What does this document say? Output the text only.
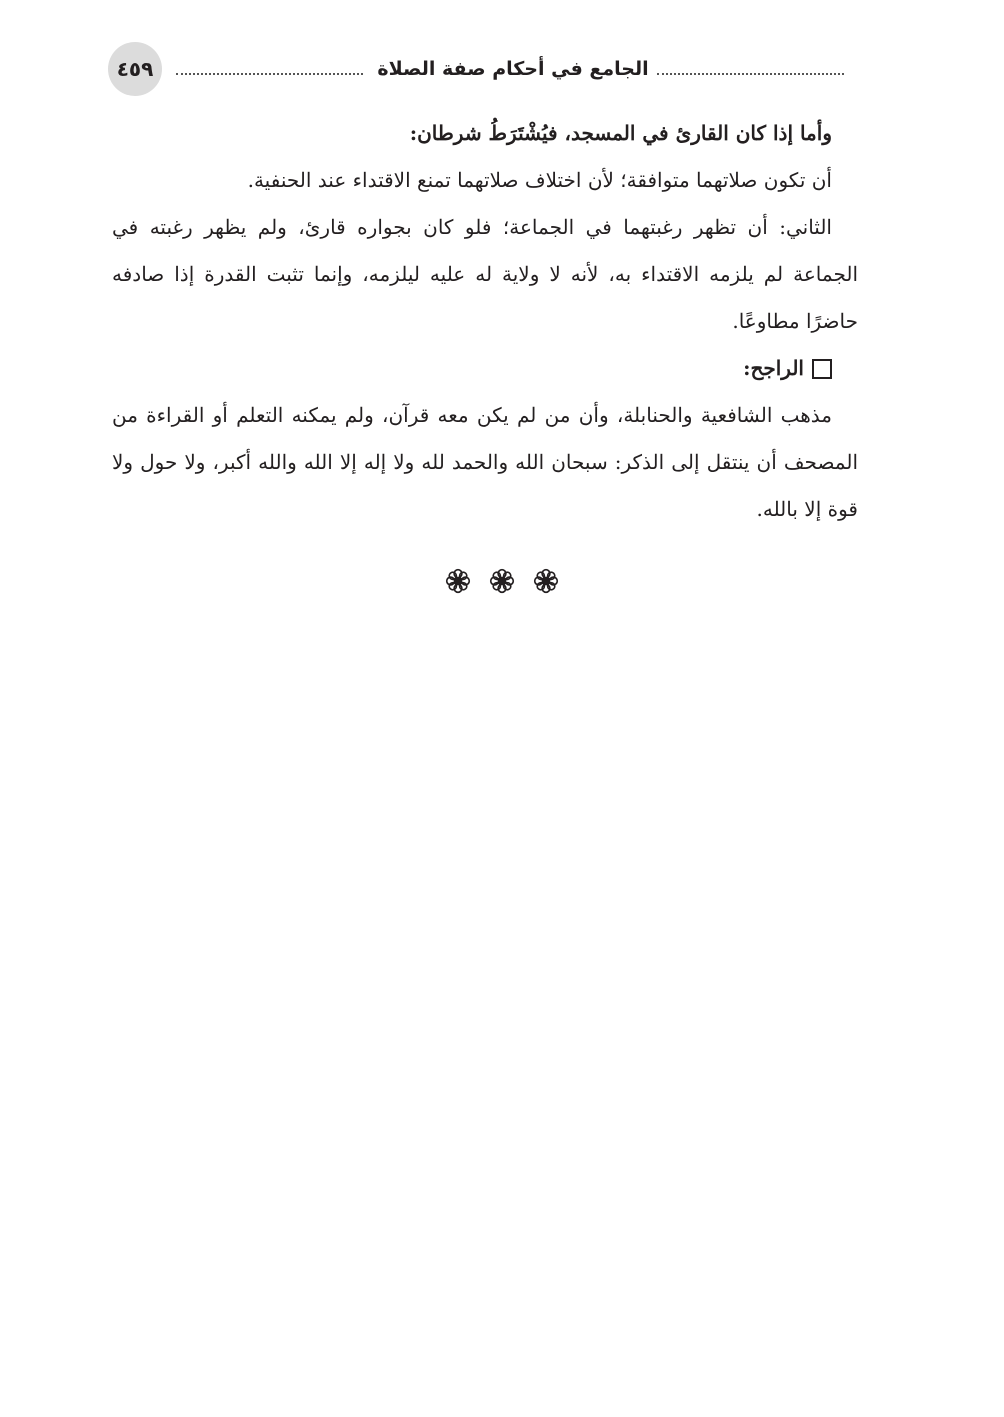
٤٥٩	الجامع ‌في أحكام صفة الصلاة

وأما إذا كان القارئ في المسجد، فيُشْتَرَطُ شرطان:

أن تكون صلاتهما متوافقة؛ لأن اختلاف صلاتهما تمنع الاقتداء عند الحنفية.

الثاني: أن تظهر رغبتهما في الجماعة؛ فلو كان بجواره قارئ، ولم يظهر رغبته في الجماعة لم يلزمه الاقتداء به، لأنه لا ولاية له عليه ليلزمه، وإنما تثبت القدرة إذا صادفه حاضرًا مطاوعًا.

الراجح:

مذهب الشافعية والحنابلة، وأن من لم يكن معه قرآن، ولم يمكنه التعلم أو القراءة من المصحف أن ينتقل إلى الذكر: سبحان الله والحمد لله ولا إله إلا الله والله أكبر، ولا حول ولا قوة إلا بالله.
